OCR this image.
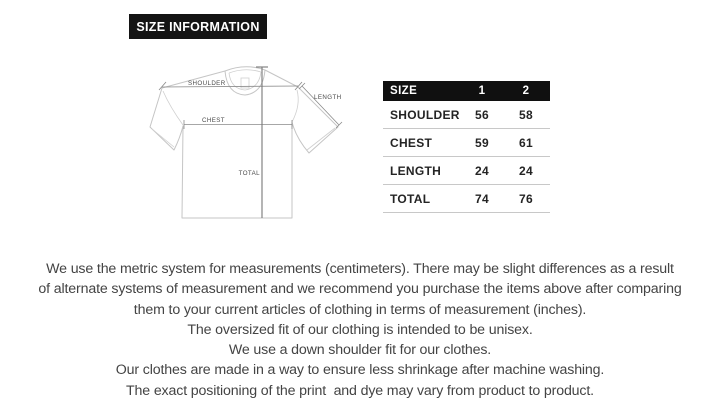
SIZE INFORMATION
SHOULDER
LENGTH
CHEST
TOTAL
SIZE	1	2
SHOULDER	56	58
CHEST	59	61
LENGTH	24	24
TOTAL	74	76
We use the metric system for measurements (centimeters). There may be slight differences as a result
of alternate systems of measurement and we recommend you purchase the items above after comparing
them to your current articles of clothing in terms of measurement (inches).
The oversized fit of our clothing is intended to be unisex.
We use a down shoulder fit for our clothes.
Our clothes are made in a way to ensure less shrinkage after machine washing.
The exact positioning of the print  and dye may vary from product to product.
